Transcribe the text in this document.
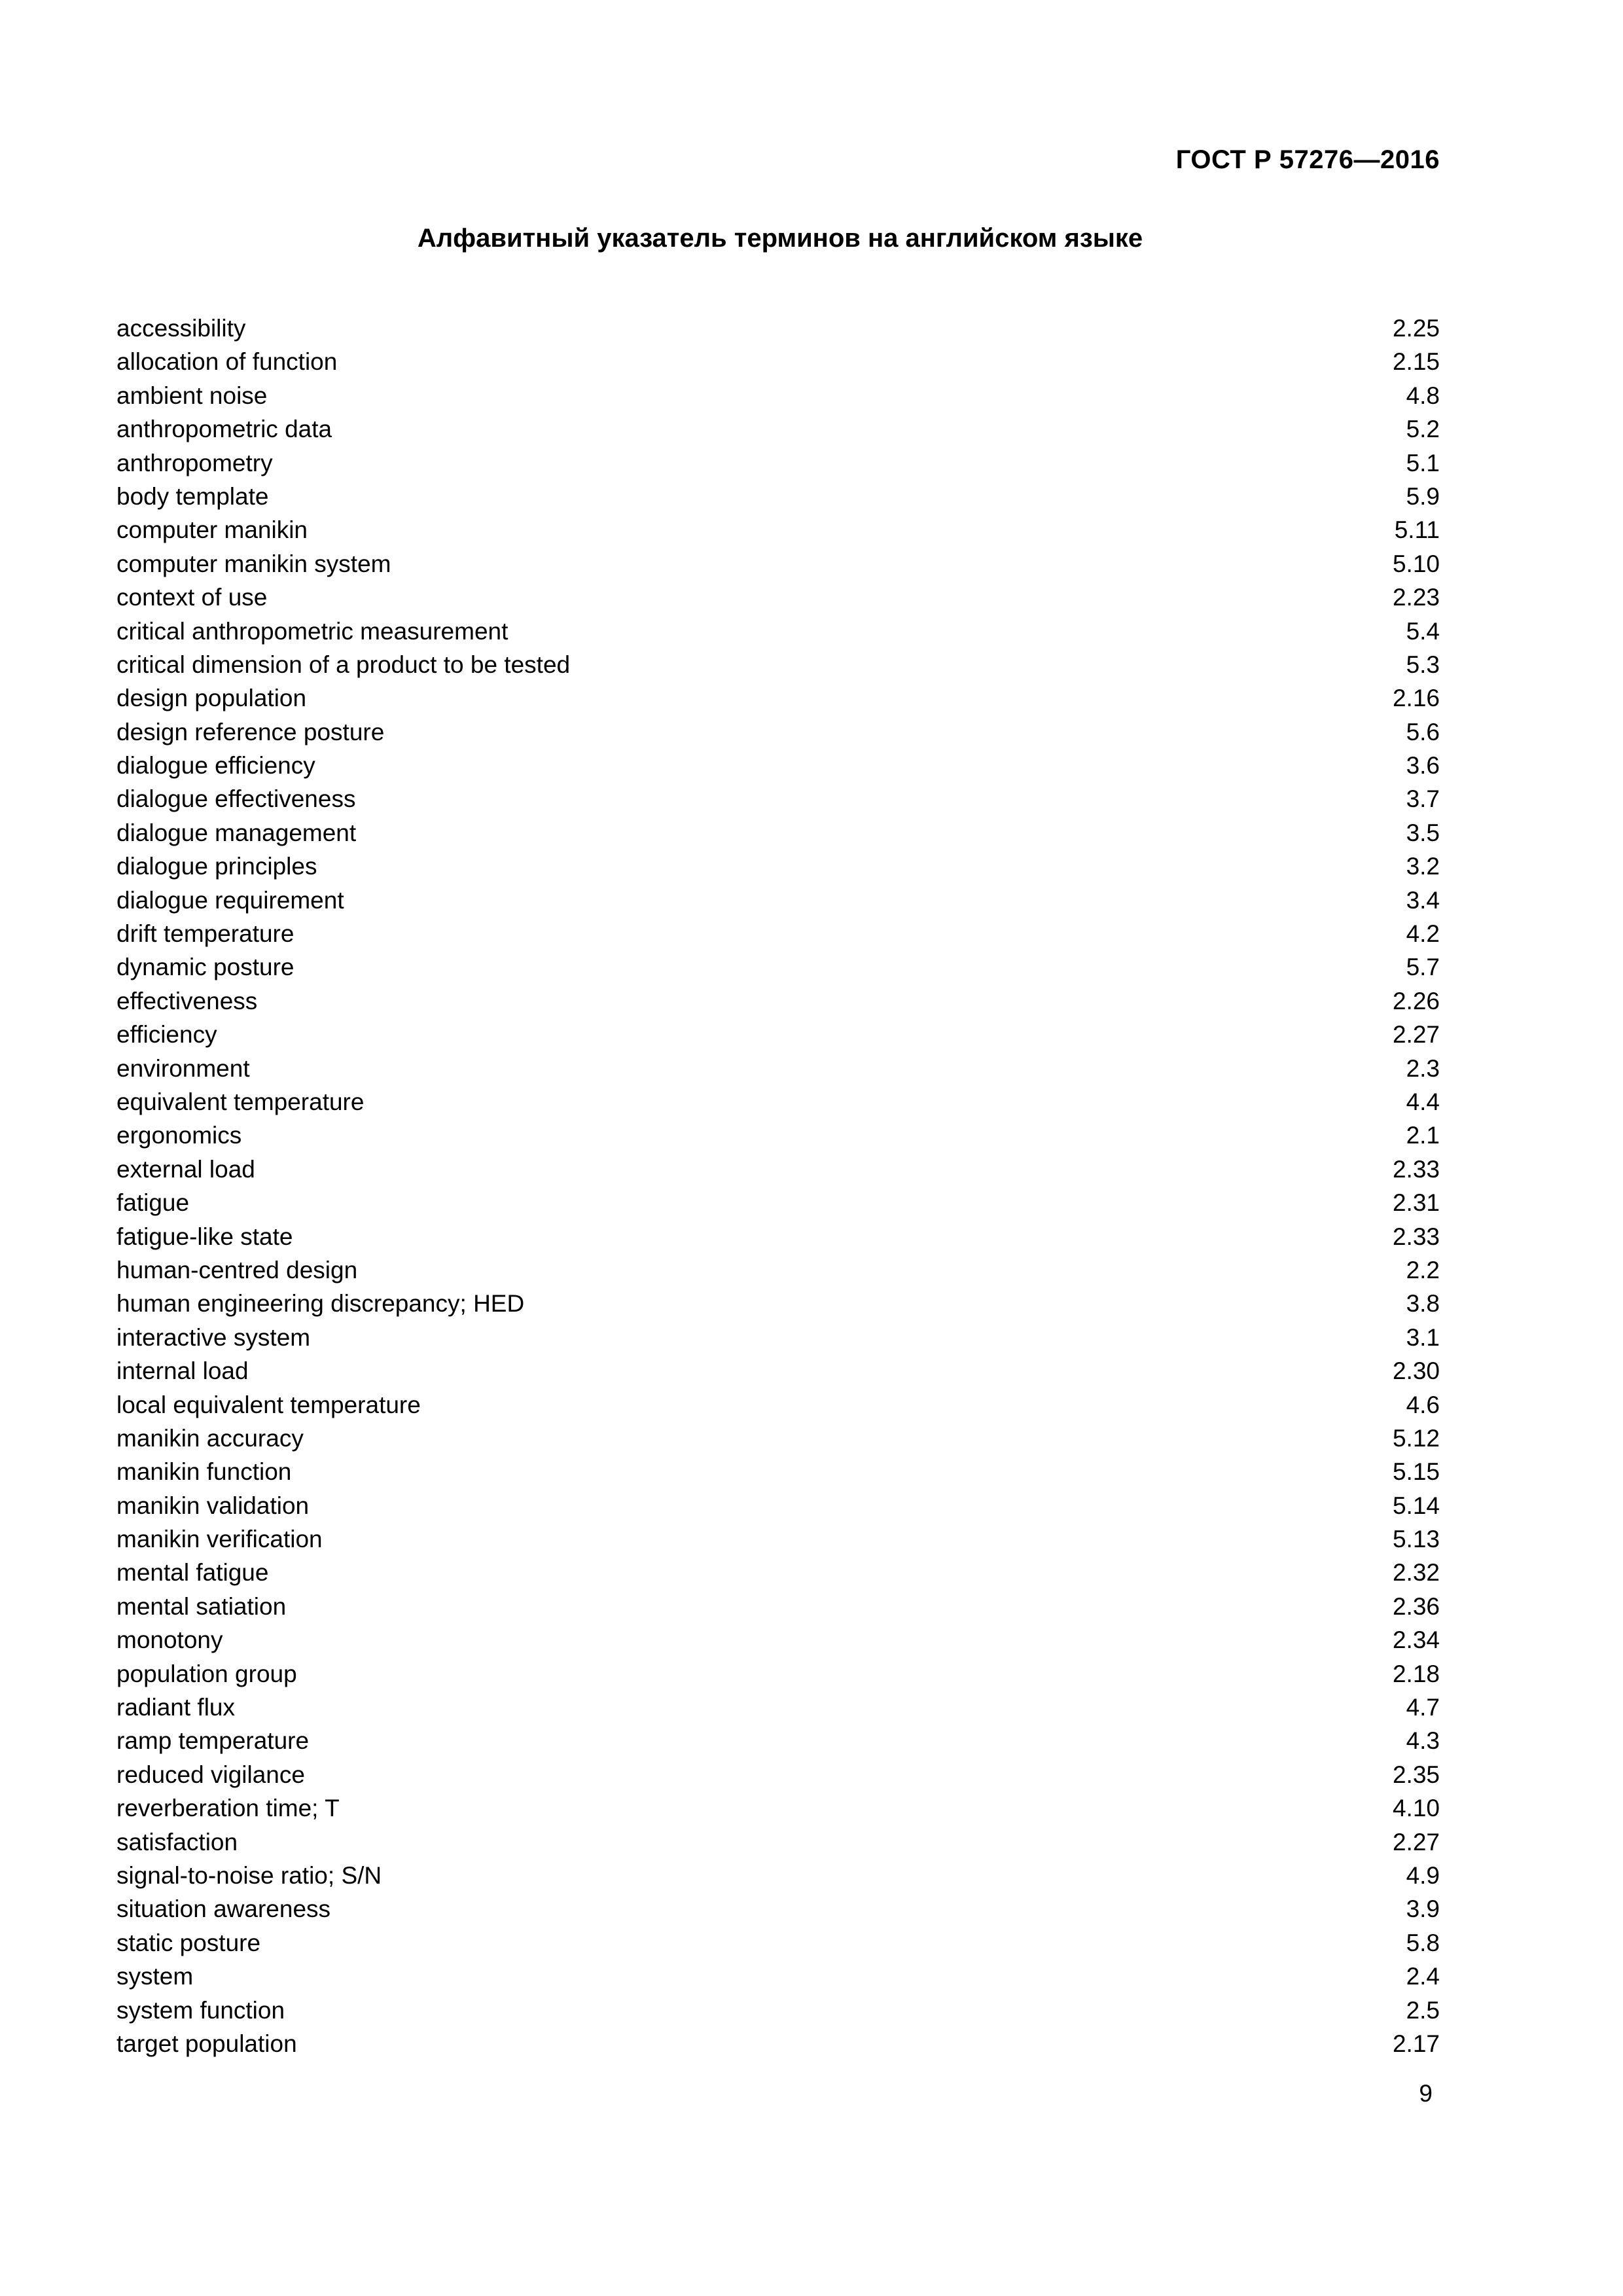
ГОСТ Р 57276—2016
Алфавитный указатель терминов на английском языке
accessibility	2.25
allocation of function	2.15
ambient noise	4.8
anthropometric data	5.2
anthropometry	5.1
body template	5.9
computer manikin	5.11
computer manikin system	5.10
context of use	2.23
critical anthropometric measurement	5.4
critical dimension of a product to be tested	5.3
design population	2.16
design reference posture	5.6
dialogue efficiency	3.6
dialogue effectiveness	3.7
dialogue management	3.5
dialogue principles	3.2
dialogue requirement	3.4
drift temperature	4.2
dynamic posture	5.7
effectiveness	2.26
efficiency	2.27
environment	2.3
equivalent temperature	4.4
ergonomics	2.1
external load	2.33
fatigue	2.31
fatigue-like state	2.33
human-centred design	2.2
human engineering discrepancy; HED	3.8
interactive system	3.1
internal load	2.30
local equivalent temperature	4.6
manikin accuracy	5.12
manikin function	5.15
manikin validation	5.14
manikin verification	5.13
mental fatigue	2.32
mental satiation	2.36
monotony	2.34
population group	2.18
radiant flux	4.7
ramp temperature	4.3
reduced vigilance	2.35
reverberation time; T	4.10
satisfaction	2.27
signal-to-noise ratio; S/N	4.9
situation awareness	3.9
static posture	5.8
system	2.4
system function	2.5
target population	2.17
9
